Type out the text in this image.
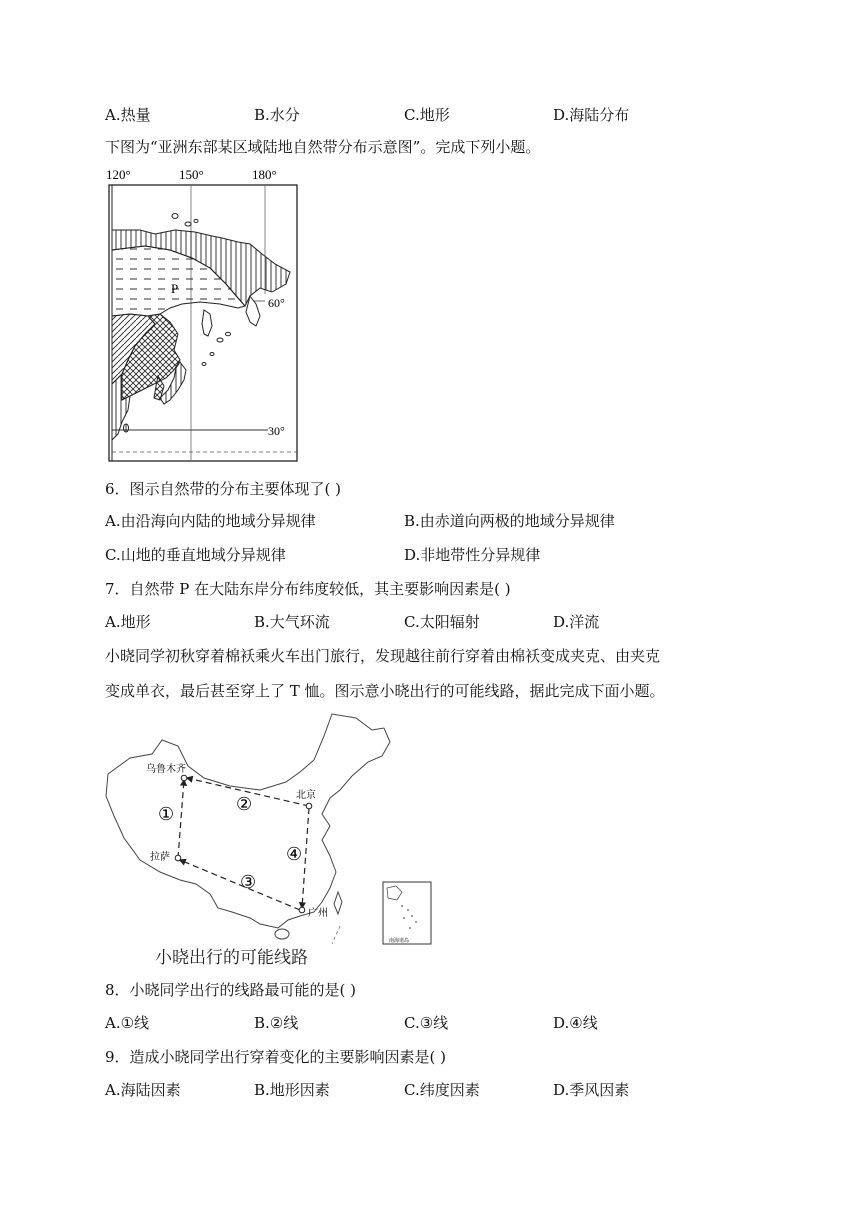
A.热量	B.水分	C.地形	D.海陆分布
下图为“亚洲东部某区域陆地自然带分布示意图”。完成下列小题。
120°	150°	180°
60°
30°
P
6．图示自然带的分布主要体现了( )
A.由沿海向内陆的地域分异规律	B.由赤道向两极的地域分异规律
C.山地的垂直地域分异规律	D.非地带性分异规律
7．自然带 P 在大陆东岸分布纬度较低，其主要影响因素是( )
A.地形	B.大气环流	C.太阳辐射	D.洋流
小晓同学初秋穿着棉袄乘火车出门旅行，发现越往前行穿着由棉袄变成夹克、由夹克
变成单衣，最后甚至穿上了 T 恤。图示意小晓出行的可能线路，据此完成下面小题。
乌鲁木齐
北京
拉萨
广州
①	②
③
④
南海诸岛
小晓出行的可能线路
8．小晓同学出行的线路最可能的是( )
A.①线	B.②线	C.③线	D.④线
9．造成小晓同学出行穿着变化的主要影响因素是( )
A.海陆因素	B.地形因素	C.纬度因素	D.季风因素
